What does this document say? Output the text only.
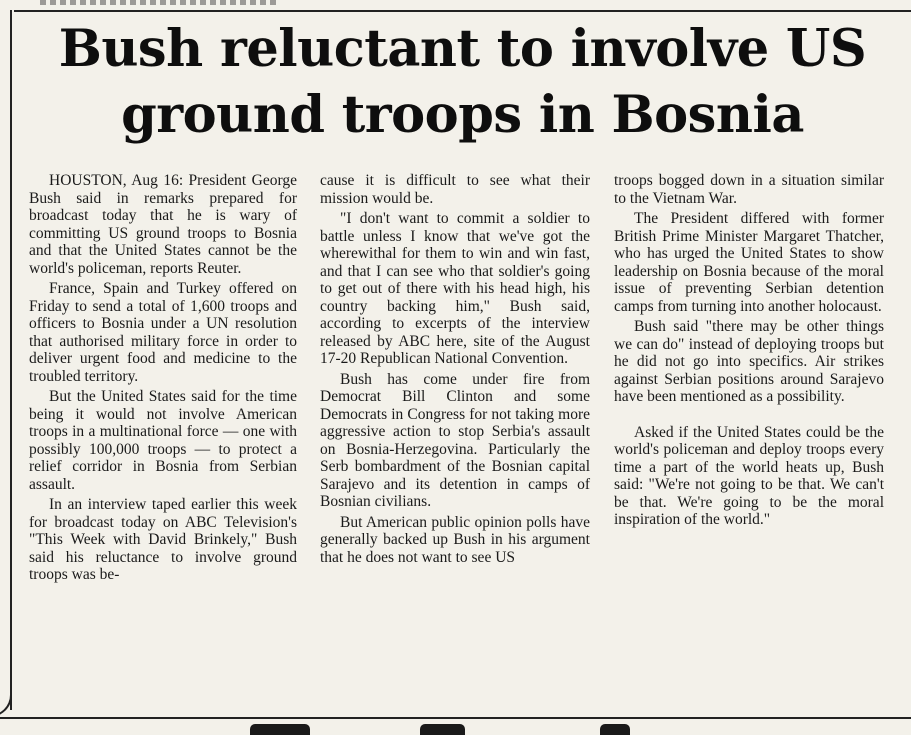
Bush reluctant to involve US
ground troops in Bosnia

HOUSTON, Aug 16: President George Bush said in remarks prepared for broadcast today that he is wary of committing US ground troops to Bosnia and that the United States cannot be the world's policeman, reports Reuter.

France, Spain and Turkey offered on Friday to send a total of 1,600 troops and officers to Bosnia under a UN resolution that authorised military force in order to deliver urgent food and medicine to the troubled territory.

But the United States said for the time being it would not involve American troops in a multinational force — one with possibly 100,000 troops — to protect a relief corridor in Bosnia from Serbian assault.

In an interview taped earlier this week for broadcast today on ABC Television's "This Week with David Brinkely," Bush said his reluctance to involve ground troops was be-

cause it is difficult to see what their mission would be.

"I don't want to commit a soldier to battle unless I know that we've got the wherewithal for them to win and win fast, and that I can see who that soldier's going to get out of there with his head high, his country backing him," Bush said, according to excerpts of the interview released by ABC here, site of the August 17-20 Republican National Convention.

Bush has come under fire from Democrat Bill Clinton and some Democrats in Congress for not taking more aggressive action to stop Serbia's assault on Bosnia-Herzegovina. Particularly the Serb bombardment of the Bosnian capital Sarajevo and its detention in camps of Bosnian civilians.

But American public opinion polls have generally backed up Bush in his argument that he does not want to see US

troops bogged down in a situation similar to the Vietnam War.

The President differed with former British Prime Minister Margaret Thatcher, who has urged the United States to show leadership on Bosnia because of the moral issue of preventing Serbian detention camps from turning into another holocaust.

Bush said "there may be other things we can do" instead of deploying troops but he did not go into specifics. Air strikes against Serbian positions around Sarajevo have been mentioned as a possibility.

Asked if the United States could be the world's policeman and deploy troops every time a part of the world heats up, Bush said: "We're not going to be that. We can't be that. We're going to be the moral inspiration of the world."
